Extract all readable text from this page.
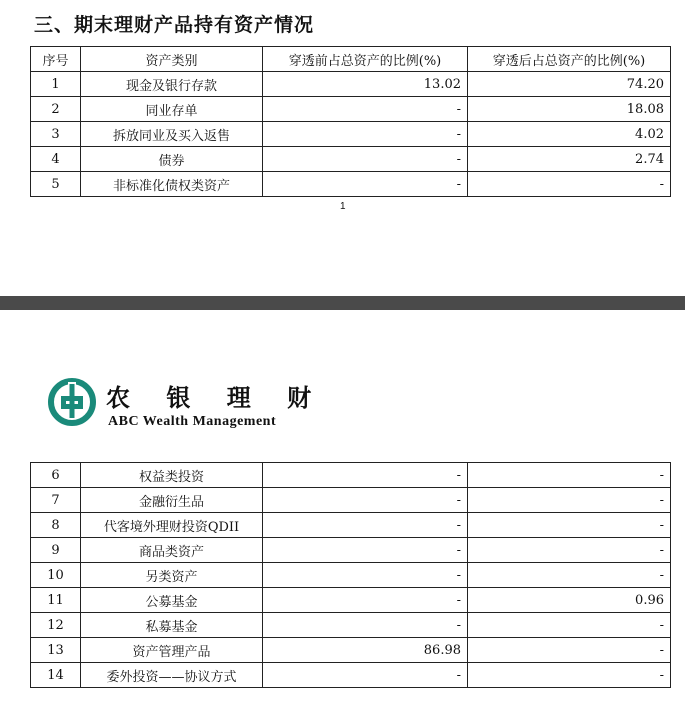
三、期末理财产品持有资产情况
序号	资产类别	穿透前占总资产的比例(%)	穿透后占总资产的比例(%)
1	现金及银行存款	13.02	74.20
2	同业存单	-	18.08
3	拆放同业及买入返售	-	4.02
4	债券	-	2.74
5	非标准化债权类资产	-	-
1
农 银 理 财
ABC Wealth Management
6	权益类投资	-	-
7	金融衍生品	-	-
8	代客境外理财投资QDII	-	-
9	商品类资产	-	-
10	另类资产	-	-
11	公募基金	-	0.96
12	私募基金	-	-
13	资产管理产品	86.98	-
14	委外投资——协议方式	-	-
